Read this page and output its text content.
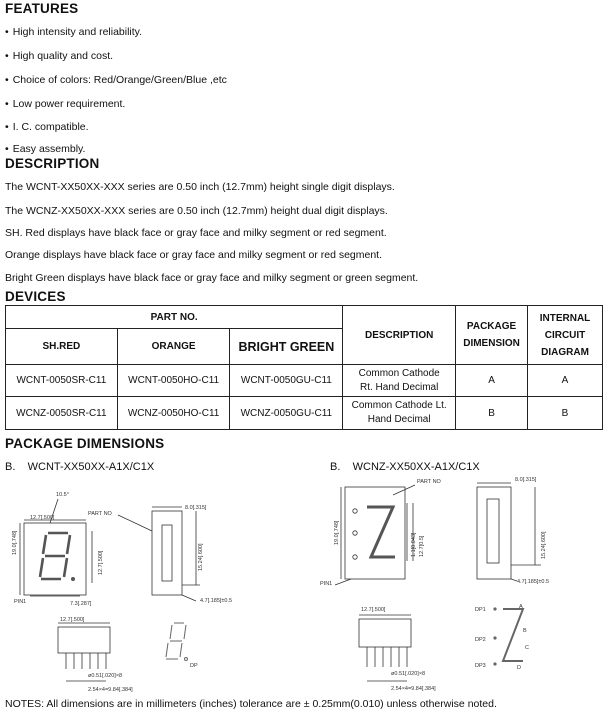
FEATURES
• High intensity and reliability.
• High quality and cost.
• Choice of colors: Red/Orange/Green/Blue ,etc
• Low power requirement.
• I. C. compatible.
• Easy assembly.
DESCRIPTION
The WCNT-XX50XX-XXX series are 0.50 inch (12.7mm) height single digit displays.
The WCNZ-XX50XX-XXX series are 0.50 inch (12.7mm) height dual digit displays.
SH. Red displays have black face or gray face and milky segment or red segment.
Orange displays have black face or gray face and milky segment or red segment.
Bright Green displays have black face or gray face and milky segment or green segment.
DEVICES
PART NO.			DESCRIPTION	PACKAGE
DIMENSION	INTERNAL
CIRCUIT
DIAGRAM
SH.RED	ORANGE	BRIGHT GREEN			
WCNT-0050SR-C11	WCNT-0050HO-C11	WCNT-0050GU-C11	Common Cathode
Rt. Hand Decimal	A	A
WCNZ-0050SR-C11	WCNZ-0050HO-C11	WCNZ-0050GU-C11	Common Cathode Lt.
Hand Decimal	B	B
PACKAGE DIMENSIONS
B.    WCNT-XX50XX-A1X/C1X	B.    WCNZ-XX50XX-A1X/C1X
10.5°
PART NO
12.7[.500]
19.0[.748]
12.7[.500]
PIN1	7.3[.287]
8.0[.315]
15.24[.600]
4.7[.185]±0.5
12.7[.500]
ø0.51[.020]×8
2.54×4=9.84[.384]
DP
PART NO	8.0[.315]
19.0[.748]	1.1[0.043] 12.7[0.5]	15.24[.600]
4.7[.185]±0.5
PIN1
12.7[.500]
ø0.51[.020]×8
2.54×4=9.84[.384]
DP1
DP2
DP3
A
B
C
D
NOTES: All dimensions are in millimeters (inches) tolerance are ± 0.25mm(0.010) unless otherwise noted.
